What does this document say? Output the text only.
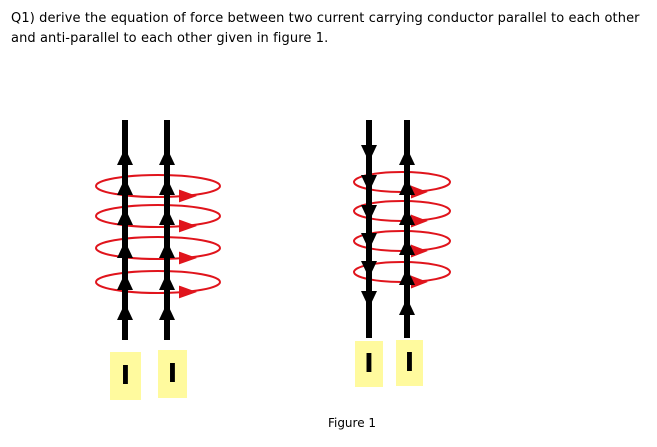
Q1) derive the equation of force between two current carrying conductor parallel to each other and anti-parallel to each other given in figure 1.
I	I	I	I
Figure 1
